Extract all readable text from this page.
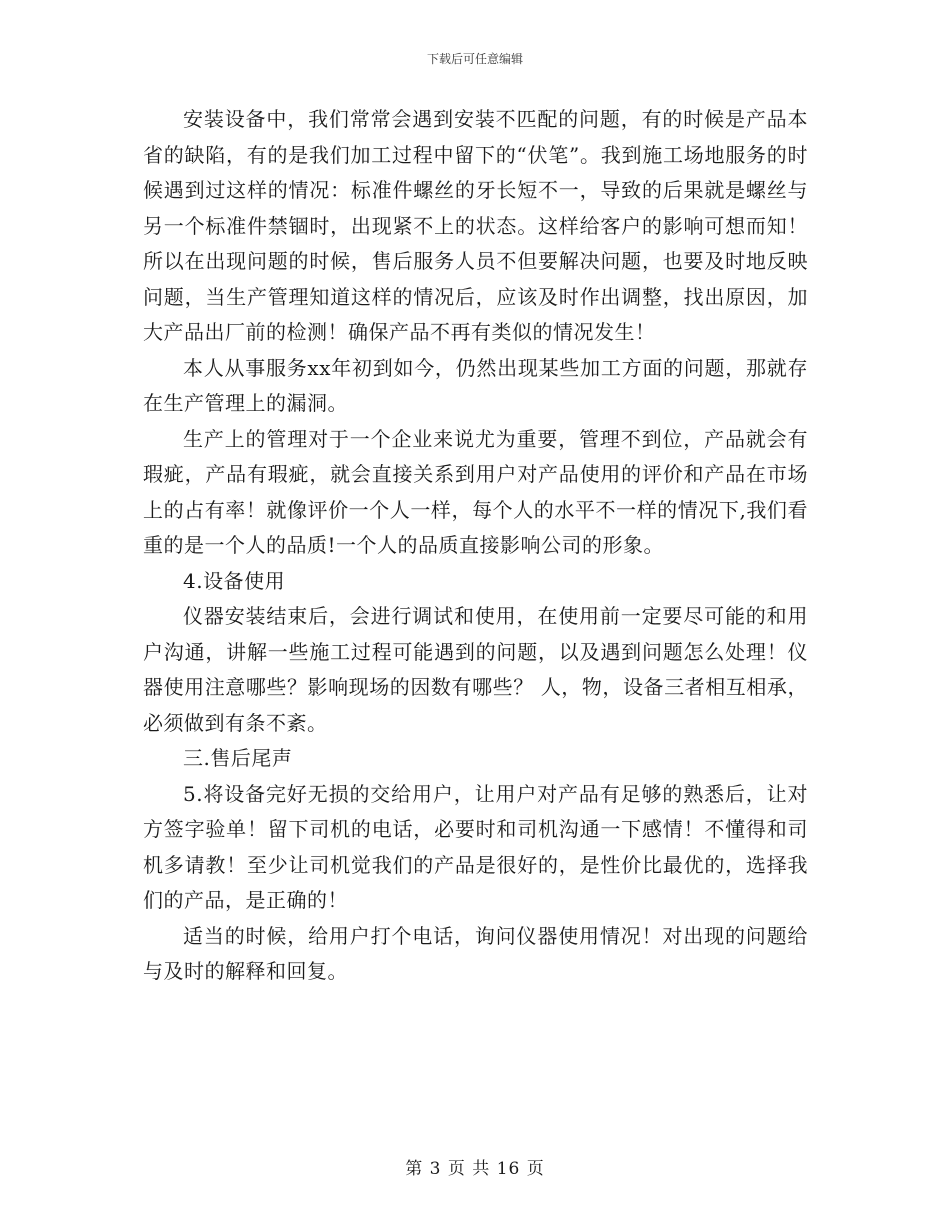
下载后可任意编辑

安装设备中，我们常常会遇到安装不匹配的问题，有的时候是产品本省的缺陷，有的是我们加工过程中留下的“伏笔”。我到施工场地服务的时候遇到过这样的情况：标准件螺丝的牙长短不一，导致的后果就是螺丝与另一个标准件禁锢时，出现紧不上的状态。这样给客户的影响可想而知！所以在出现问题的时候，售后服务人员不但要解决问题，也要及时地反映问题，当生产管理知道这样的情况后，应该及时作出调整，找出原因，加大产品出厂前的检测！确保产品不再有类似的情况发生！

本人从事服务xx年初到如今，仍然出现某些加工方面的问题，那就存在生产管理上的漏洞。

生产上的管理对于一个企业来说尤为重要，管理不到位，产品就会有瑕疵，产品有瑕疵，就会直接关系到用户对产品使用的评价和产品在市场上的占有率！就像评价一个人一样，每个人的水平不一样的情况下,我们看重的是一个人的品质!一个人的品质直接影响公司的形象。

4.设备使用

仪器安装结束后，会进行调试和使用，在使用前一定要尽可能的和用户沟通，讲解一些施工过程可能遇到的问题，以及遇到问题怎么处理！仪器使用注意哪些？影响现场的因数有哪些？ 人，物，设备三者相互相承，必须做到有条不紊。

三.售后尾声

5.将设备完好无损的交给用户，让用户对产品有足够的熟悉后，让对方签字验单！留下司机的电话，必要时和司机沟通一下感情！不懂得和司机多请教！至少让司机觉我们的产品是很好的，是性价比最优的，选择我们的产品，是正确的！

适当的时候，给用户打个电话，询问仪器使用情况！对出现的问题给与及时的解释和回复。

第 3 页 共 16 页
